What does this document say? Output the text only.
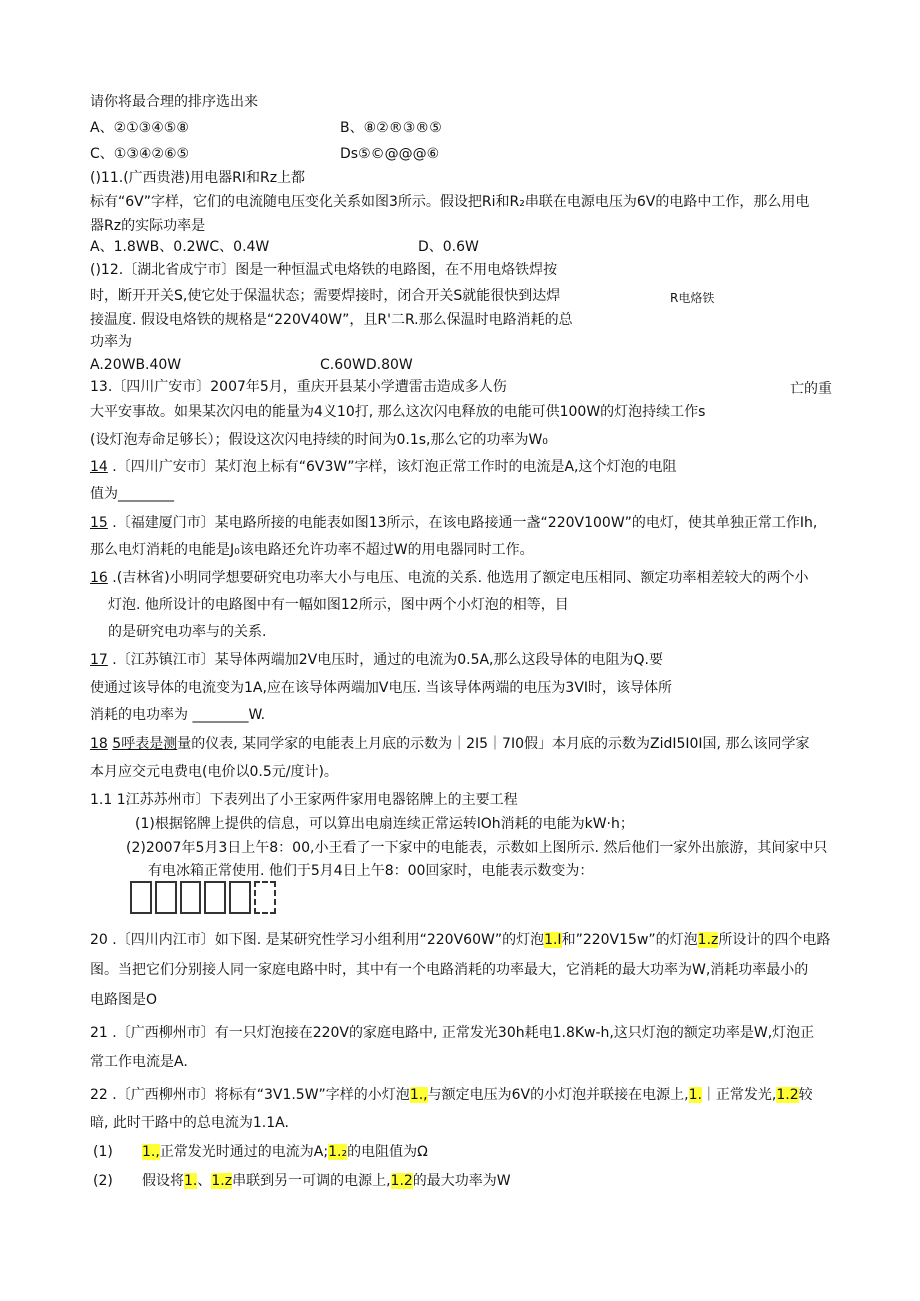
请你将最合理的排序选出来
A、②①③④⑤⑧	B、⑧②®③®⑤
C、①③④②⑥⑤	Ds⑤©@@@⑥
()11.(广西贵港)用电器RI和Rz上都
标有“6V”字样，它们的电流随电压变化关系如图3所示。假设把Ri和R₂串联在电源电压为6V的电路中工作，那么用电
器Rz的实际功率是
A、1.8WB、0.2WC、0.4W	D、0.6W
()12.〔湖北省成宁市〕图是一种恒温式电烙铁的电路图，在不用电烙铁焊按
时，断开开关S,使它处于保温状态；需要焊接时，闭合开关S就能很快到达焊	R电烙铁
接温度. 假设电烙铁的规格是“220V40W”，且R'二R.那么保温时电路消耗的总
功率为
A.20WB.40W	C.60WD.80W
13.〔四川广安市〕2007年5月，重庆开县某小学遭雷击造成多人伤	亡的重
大平安事故。如果某次闪电的能量为4义10打, 那么这次闪电释放的电能可供100W的灯泡持续工作s
(设灯泡寿命足够长）；假设这次闪电持续的时间为0.1s,那么它的功率为W₀
14 .〔四川广安市〕某灯泡上标有“6V3W”字样，该灯泡正常工作时的电流是A,这个灯泡的电阻
值为________
15 .〔福建厦门市〕某电路所接的电能表如图13所示，在该电路接通一盏“220V100W”的电灯，使其单独正常工作Ih,
那么电灯消耗的电能是J₀该电路还允许功率不超过W的用电器同时工作。
16 .(吉林省)小明同学想要研究电功率大小与电压、电流的关系. 他选用了额定电压相同、额定功率相差较大的两个小
灯泡. 他所设计的电路图中有一幅如图12所示，图中两个小灯泡的相等，目
的是研究电功率与的关系.
17 .〔江苏镇江市〕某导体两端加2V电压时，通过的电流为0.5A,那么这段导体的电阻为Q.要
使通过该导体的电流变为1A,应在该导体两端加V电压. 当该导体两端的电压为3VI时，该导体所
消耗的电功率为 ________W.
18 5呼表是测量的仪表, 某同学家的电能表上月底的示数为｜2I5｜7I0假」本月底的示数为ZidI5I0I国, 那么该同学家
本月应交元电费电(电价以0.5元/度计)。
1.1 1江苏苏州市〕下表列出了小王家两件家用电器铭牌上的主要工程
(1)根据铭牌上提供的信息，可以算出电扇连续正常运转lOh消耗的电能为kW·h；
(2)2007年5月3日上午8：00,小王看了一下家中的电能表，示数如上图所示. 然后他们一家外出旅游，其间家中只
有电冰箱正常使用. 他们于5月4日上午8：00回家时，电能表示数变为：
20 .〔四川内江市〕如下图. 是某研究性学习小组利用“220V60W”的灯泡1.I和”220V15w”的灯泡1.z所设计的四个电路
图。当把它们分别接人同一家庭电路中时，其中有一个电路消耗的功率最大，它消耗的最大功率为W,消耗功率最小的
电路图是O
21 .〔广西柳州市〕有一只灯泡接在220V的家庭电路中, 正常发光30h耗电1.8Kw-h,这只灯泡的额定功率是W,灯泡正
常工作电流是A.
22 .〔广西柳州市〕将标有“3V1.5W”字样的小灯泡1.,与额定电压为6V的小灯泡并联接在电源上,1.｜正常发光,1.2较
暗, 此时干路中的总电流为1.1A.
(1) 1.,正常发光时通过的电流为A;1.₂的电阻值为Ω
(2) 假设将1.、1.z串联到另一可调的电源上,1.2的最大功率为W
